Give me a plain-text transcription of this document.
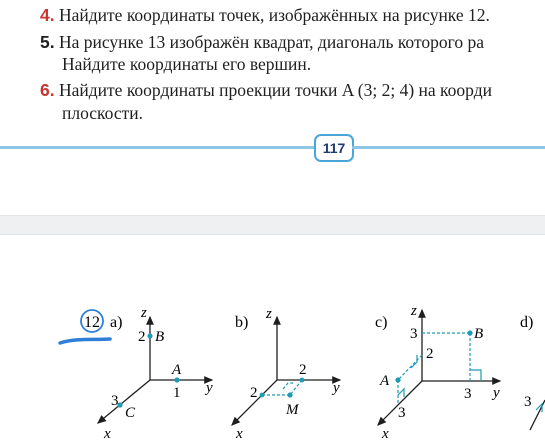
4. Найдите координаты точек, изображённых на рисунке 12.
5. На рисунке 13 изображён квадрат, диагональ которого ра
Найдите координаты его вершин.
6. Найдите координаты проекции точки A (3; 2; 4) на коорди
плоскости.
117
12 a)
z
y
x
2 B
A
1
3
C
b) z
y
x
2
2
M
c)
z
y
x
B
3
2
A
3
3
d)
3
